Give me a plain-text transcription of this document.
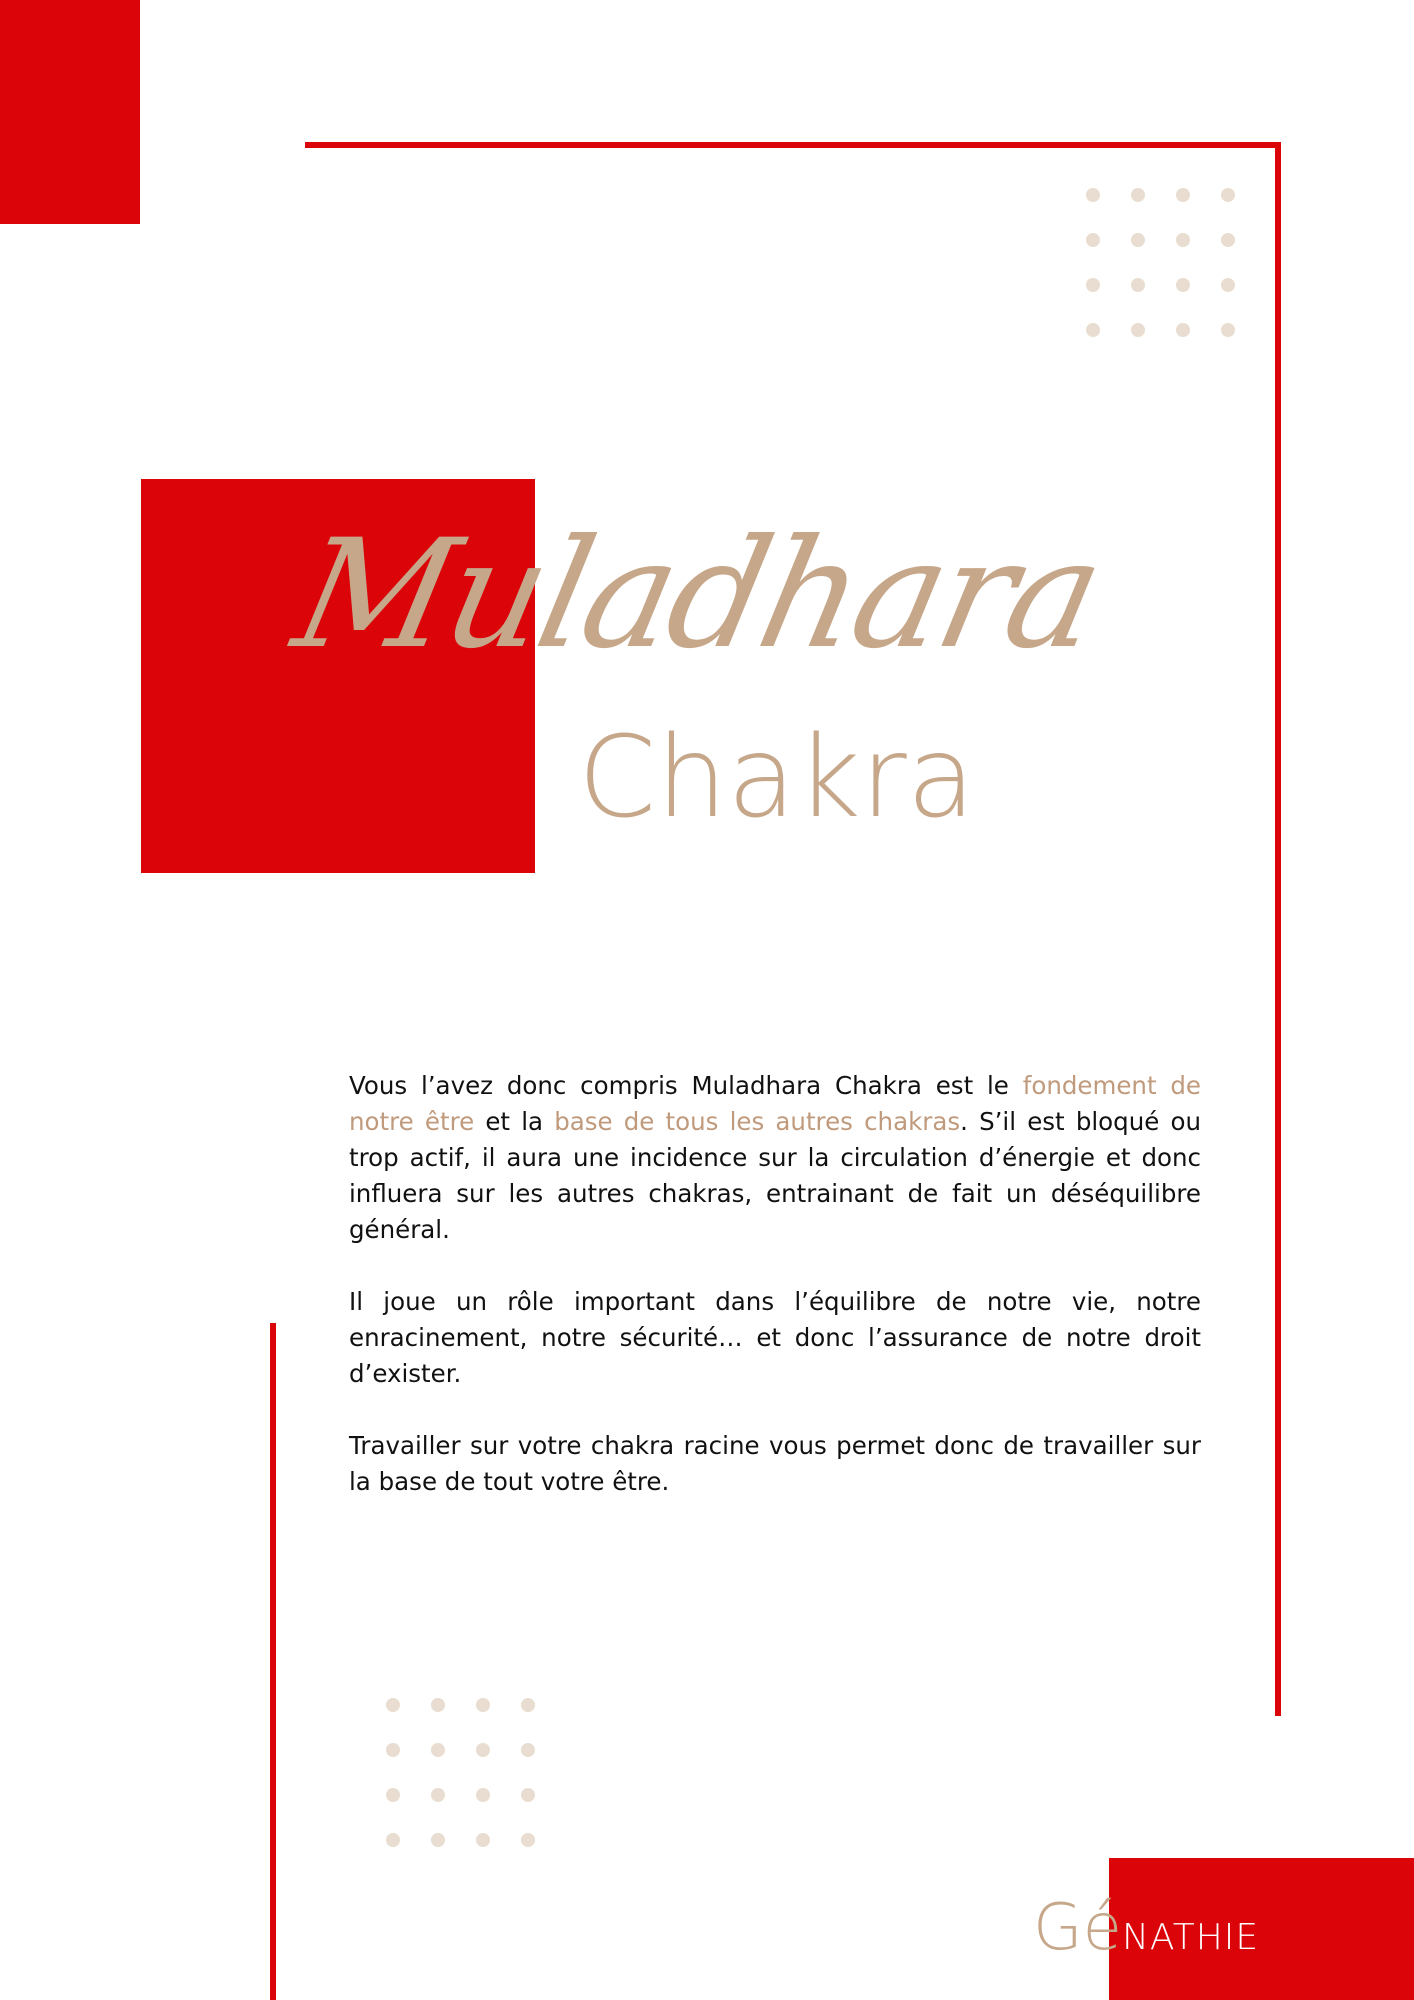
Muladhara
Chakra

Vous l’avez donc compris Muladhara Chakra est le fondement de notre être et la base de tous les autres chakras. S’il est bloqué ou trop actif, il aura une incidence sur la circulation d’énergie et donc influera sur les autres chakras, entrainant de fait un déséquilibre général.

Il joue un rôle important dans l’équilibre de notre vie, notre enracinement, notre sécurité… et donc l’assurance de notre droit d’exister.

Travailler sur votre chakra racine vous permet donc de travailler sur la base de tout votre être.

GéNATHIE
